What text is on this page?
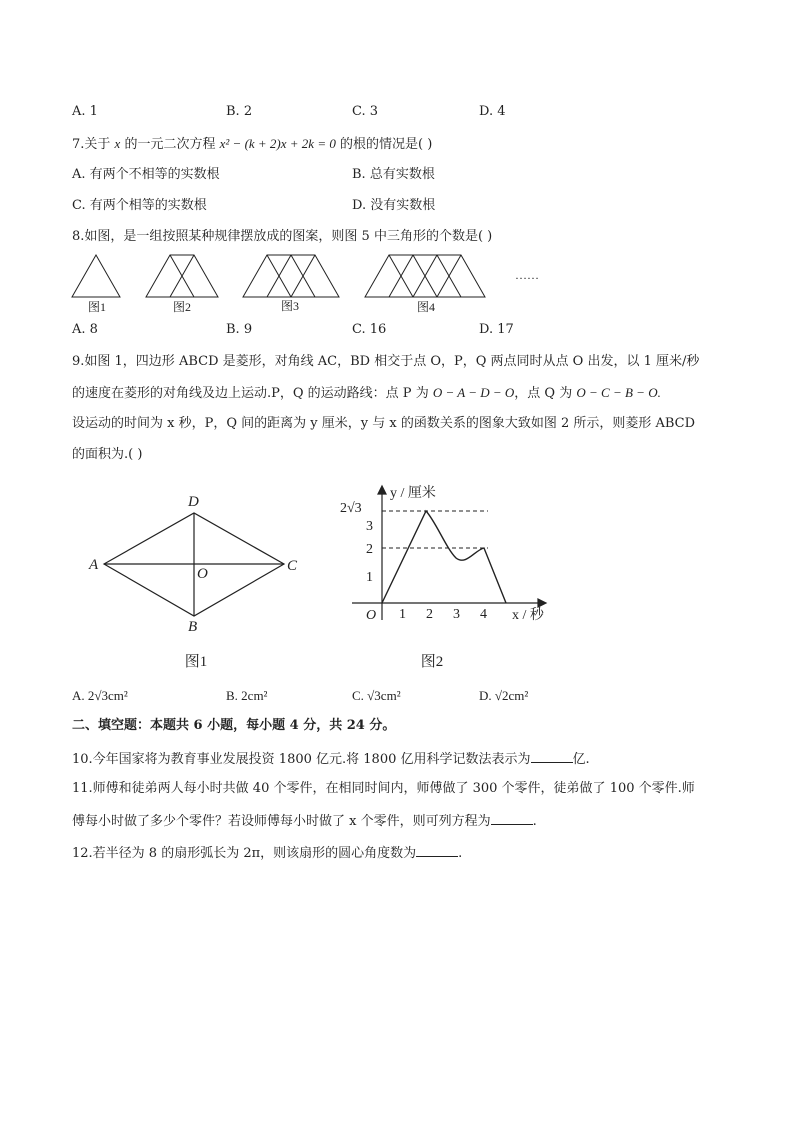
A. 1	B. 2	C. 3	D. 4
7.关于 x 的一元二次方程 x² − (k + 2)x + 2k = 0 的根的情况是( )
A. 有两个不相等的实数根	B. 总有实数根
C. 有两个相等的实数根	D. 没有实数根
8.如图，是一组按照某种规律摆放成的图案，则图 5 中三角形的个数是( )
图1	图2	图3	图4
……
A. 8	B. 9	C. 16	D. 17
9.如图 1，四边形 ABCD 是菱形，对角线 AC，BD 相交于点 O，P，Q 两点同时从点 O 出发，以 1 厘米/秒
的速度在菱形的对角线及边上运动.P，Q 的运动路线：点 P 为 O − A − D − O，点 Q 为 O − C − B − O.
设运动的时间为 x 秒，P，Q 间的距离为 y 厘米，y 与 x 的函数关系的图象大致如图 2 所示，则菱形 ABCD
的面积为.( )
A
D
C
B
O
图1
2√3
3
2
1
1 2 3 4
O
y / 厘米
x / 秒
图2
A. 2√3cm²	B. 2cm²	C. √3cm²	D. √2cm²
二、填空题：本题共 6 小题，每小题 4 分，共 24 分。
10.今年国家将为教育事业发展投资 1800 亿元.将 1800 亿用科学记数法表示为	亿.
11.师傅和徒弟两人每小时共做 40 个零件，在相同时间内，师傅做了 300 个零件，徒弟做了 100 个零件.师
傅每小时做了多少个零件？若设师傅每小时做了 x 个零件，则可列方程为	.
12.若半径为 8 的扇形弧长为 2π，则该扇形的圆心角度数为	.
